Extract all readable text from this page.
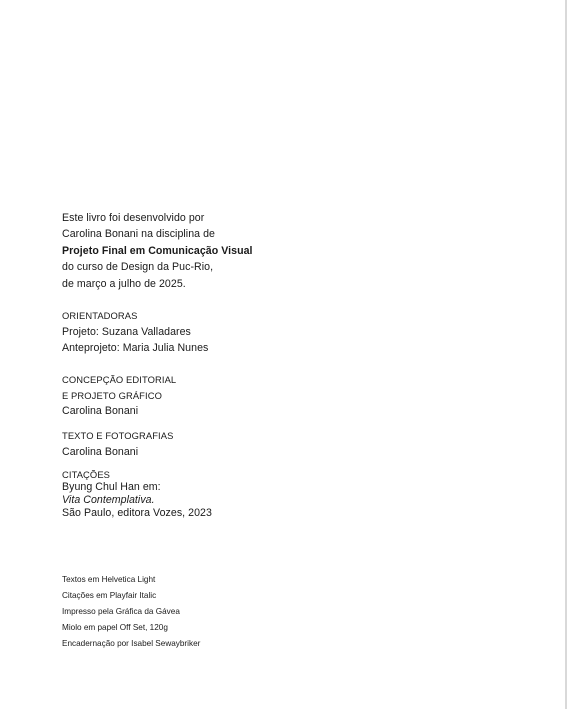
Este livro foi desenvolvido por
Carolina Bonani na disciplina de
Projeto Final em Comunicação Visual
do curso de Design da Puc-Rio,
de março a julho de 2025.
ORIENTADORAS
Projeto: Suzana Valladares
Anteprojeto: Maria Julia Nunes
CONCEPÇÃO EDITORIAL
E PROJETO GRÁFICO
Carolina Bonani
TEXTO E FOTOGRAFIAS
Carolina Bonani
CITAÇÕES
Byung Chul Han em:
Vita Contemplativa.
São Paulo, editora Vozes, 2023
Textos em Helvetica Light
Citações em Playfair Italic
Impresso pela Gráfica da Gávea
Miolo em papel Off Set, 120g
Encadernação por Isabel Sewaybriker
